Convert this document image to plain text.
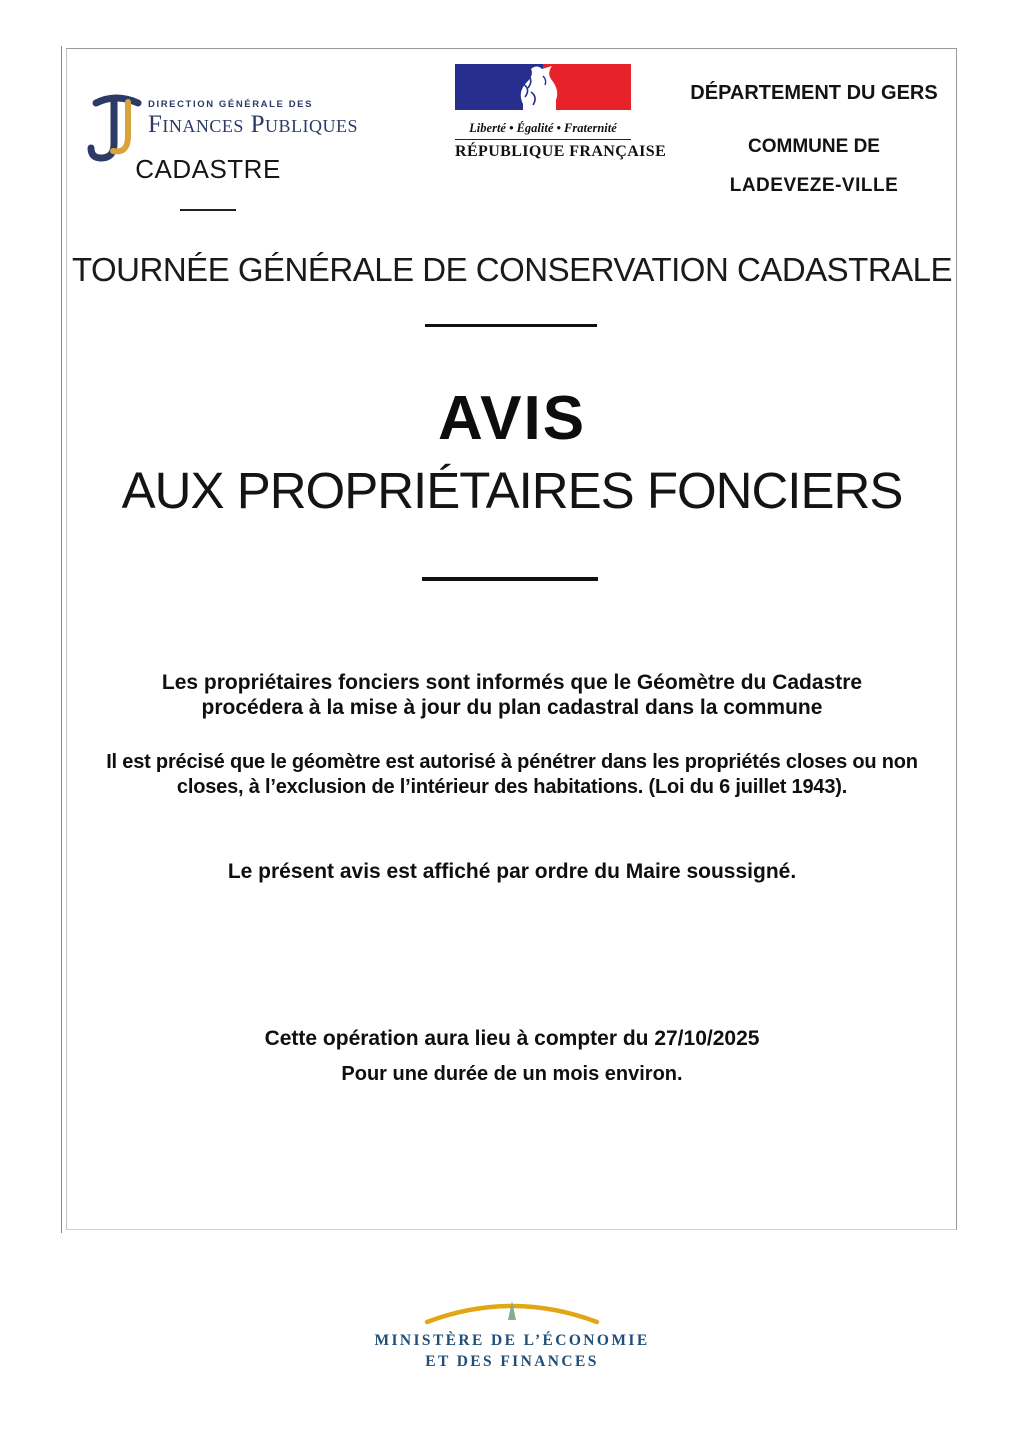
DIRECTION GÉNÉRALE DES
Finances Publiques
CADASTRE
Liberté • Égalité • Fraternité
RÉPUBLIQUE FRANÇAISE
DÉPARTEMENT DU GERS
COMMUNE DE
LADEVEZE-VILLE
TOURNÉE GÉNÉRALE DE CONSERVATION CADASTRALE
AVIS
AUX PROPRIÉTAIRES FONCIERS
Les propriétaires fonciers sont informés que le Géomètre du Cadastre procédera à la mise à jour du plan cadastral dans la commune
Il est précisé que le géomètre est autorisé à pénétrer dans les propriétés closes ou non closes, à l’exclusion de l’intérieur des habitations. (Loi du 6 juillet 1943).
Le présent avis est affiché par ordre du Maire soussigné.
Cette opération aura lieu à compter du 27/10/2025
Pour une durée de un mois environ.
MINISTÈRE DE L’ÉCONOMIE
ET DES FINANCES
